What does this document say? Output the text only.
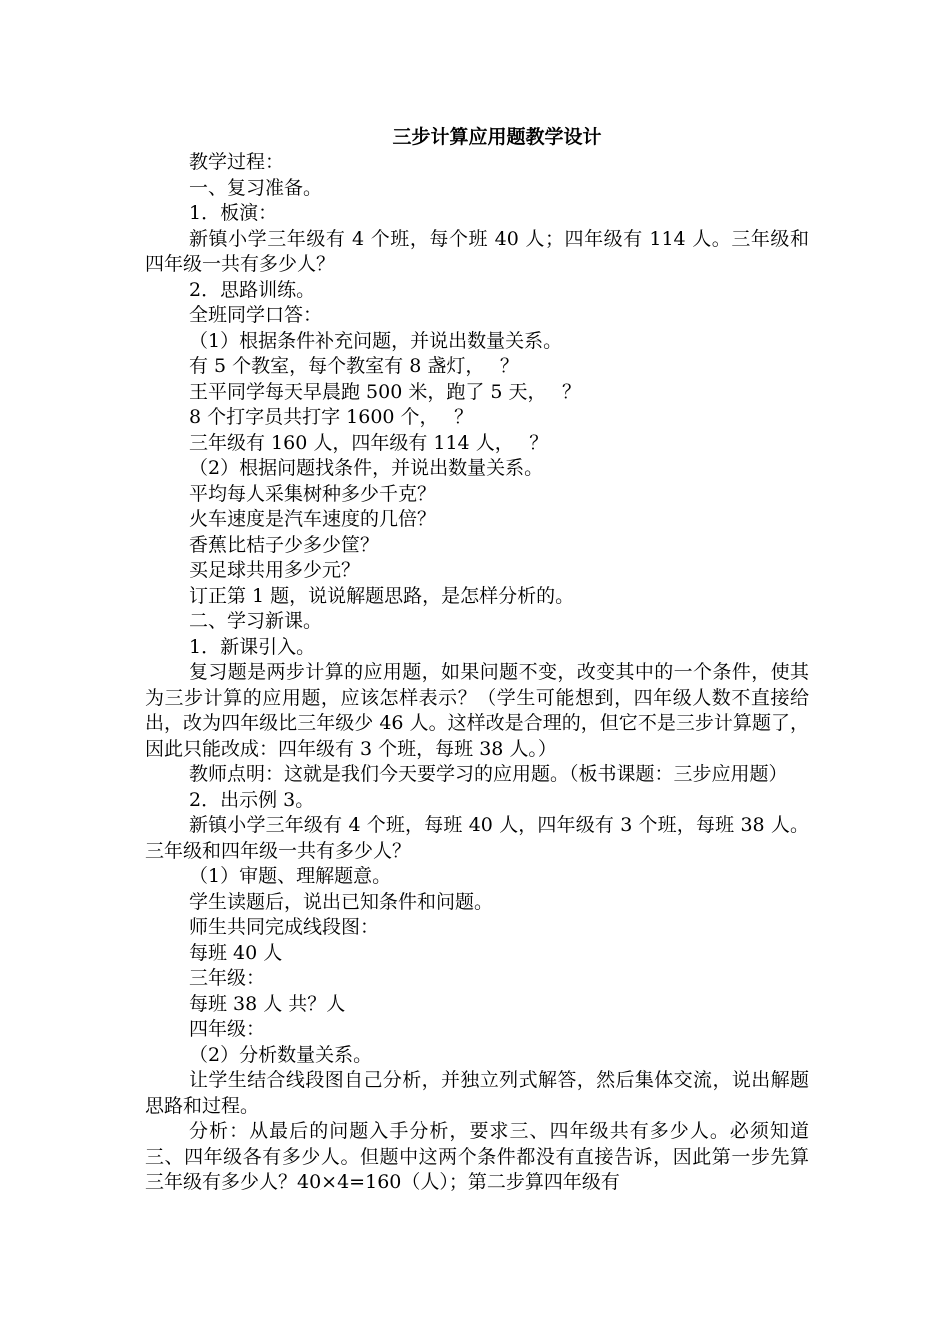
三步计算应用题教学设计

教学过程：

一、复习准备。

1．板演：

新镇小学三年级有 4 个班，每个班 40 人；四年级有 114 人。三年级和四年级一共有多少人？

2．思路训练。

全班同学口答：

（1）根据条件补充问题，并说出数量关系。

有 5 个教室，每个教室有 8 盏灯，　 ？

王平同学每天早晨跑 500 米，跑了 5 天，　 ？

8 个打字员共打字 1600 个，　 ？

三年级有 160 人，四年级有 114 人，　 ？

（2）根据问题找条件，并说出数量关系。

平均每人采集树种多少千克？

火车速度是汽车速度的几倍？

香蕉比桔子少多少筐？

买足球共用多少元？

订正第 1 题，说说解题思路，是怎样分析的。

二、学习新课。

1．新课引入。

复习题是两步计算的应用题，如果问题不变，改变其中的一个条件，使其为三步计算的应用题，应该怎样表示？（学生可能想到，四年级人数不直接给出，改为四年级比三年级少 46 人。这样改是合理的，但它不是三步计算题了，因此只能改成：四年级有 3 个班，每班 38 人。）

教师点明：这就是我们今天要学习的应用题。（板书课题：三步应用题）

2．出示例 3。

新镇小学三年级有 4 个班，每班 40 人，四年级有 3 个班，每班 38 人。三年级和四年级一共有多少人？

（1）审题、理解题意。

学生读题后，说出已知条件和问题。

师生共同完成线段图：

每班 40 人

三年级：

每班 38 人 共？人

四年级：

（2）分析数量关系。

让学生结合线段图自己分析，并独立列式解答，然后集体交流，说出解题思路和过程。

分析：从最后的问题入手分析，要求三、四年级共有多少人。必须知道三、四年级各有多少人。但题中这两个条件都没有直接告诉，因此第一步先算三年级有多少人？40×4=160（人）；第二步算四年级有
